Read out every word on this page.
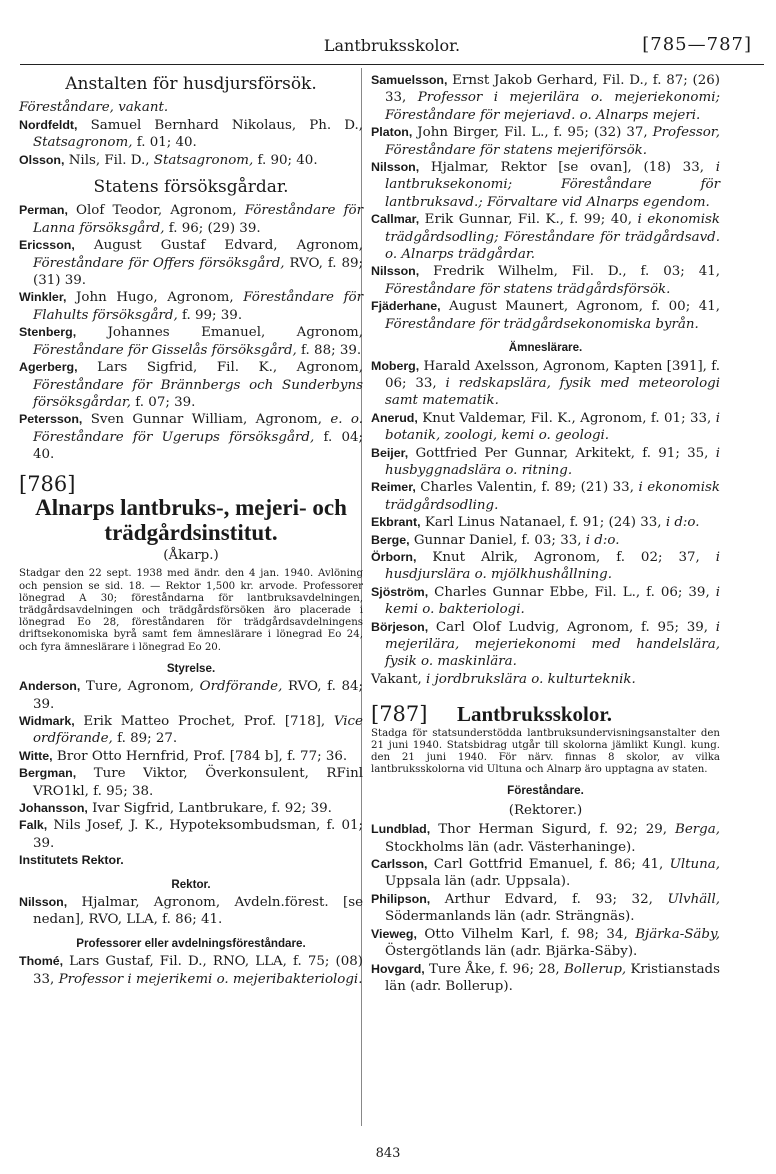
Lantbruksskolor.	[785—787]
Anstalten för husdjursförsök.

Föreståndare, vakant.

Nordfeldt, Samuel Bernhard Nikolaus, Ph. D., Statsagronom, f. 01; 40.

Olsson, Nils, Fil. D., Statsagronom, f. 90; 40.

Statens försöksgårdar.

Perman, Olof Teodor, Agronom, Föreståndare för Lanna försöksgård, f. 96; (29) 39.

Ericsson, August Gustaf Edvard, Agronom, Föreståndare för Offers försöksgård, RVO, f. 89; (31) 39.

Winkler, John Hugo, Agronom, Föreståndare för Flahults försöksgård, f. 99; 39.

Stenberg, Johannes Emanuel, Agronom, Föreståndare för Gisselås försöksgård, f. 88; 39.

Agerberg, Lars Sigfrid, Fil. K., Agronom, Föreståndare för Brännbergs och Sunderbyns försöksgårdar, f. 07; 39.

Petersson, Sven Gunnar William, Agronom, e. o. Föreståndare för Ugerups försöksgård, f. 04; 40.

[786]
Alnarps lantbruks-, mejeri- och
trädgårdsinstitut.
(Åkarp.)

Stadgar den 22 sept. 1938 med ändr. den 4 jan. 1940. Avlöning och pension se sid. 18. — Rektor 1,500 kr. arvode. Professorer lönegrad A 30; föreståndarna för lantbruksavdelningen, trädgårdsavdelningen och trädgårdsförsöken äro placerade i lönegrad Eo 28, föreståndaren för trädgårdsavdelningens driftsekonomiska byrå samt fem ämneslärare i lönegrad Eo 24, och fyra ämneslärare i lönegrad Eo 20.

Styrelse.

Anderson, Ture, Agronom, Ordförande, RVO, f. 84; 39.

Widmark, Erik Matteo Prochet, Prof. [718], Vice ordförande, f. 89; 27.

Witte, Bror Otto Hernfrid, Prof. [784 b], f. 77; 36.

Bergman, Ture Viktor, Överkonsulent, RFinl VRO1kl, f. 95; 38.

Johansson, Ivar Sigfrid, Lantbrukare, f. 92; 39.

Falk, Nils Josef, J. K., Hypoteksombudsman, f. 01; 39.

Institutets Rektor.

Rektor.

Nilsson, Hjalmar, Agronom, Avdeln.förest. [se nedan], RVO, LLA, f. 86; 41.

Professorer eller avdelningsföreståndare.

Thomé, Lars Gustaf, Fil. D., RNO, LLA, f. 75; (08) 33, Professor i mejerikemi o. mejeribakteriologi.

Samuelsson, Ernst Jakob Gerhard, Fil. D., f. 87; (26) 33, Professor i mejerilära o. mejeriekonomi; Föreståndare för mejeriavd. o. Alnarps mejeri.

Platon, John Birger, Fil. L., f. 95; (32) 37, Professor, Föreståndare för statens mejeriförsök.

Nilsson, Hjalmar, Rektor [se ovan], (18) 33, i lantbruksekonomi; Föreståndare för lantbruksavd.; Förvaltare vid Alnarps egendom.

Callmar, Erik Gunnar, Fil. K., f. 99; 40, i ekonomisk trädgårdsodling; Föreståndare för trädgårdsavd. o. Alnarps trädgårdar.

Nilsson, Fredrik Wilhelm, Fil. D., f. 03; 41, Föreståndare för statens trädgårdsförsök.

Fjäderhane, August Maunert, Agronom, f. 00; 41, Föreståndare för trädgårdsekonomiska byrån.

Ämneslärare.

Moberg, Harald Axelsson, Agronom, Kapten [391], f. 06; 33, i redskapslära, fysik med meteorologi samt matematik.

Anerud, Knut Valdemar, Fil. K., Agronom, f. 01; 33, i botanik, zoologi, kemi o. geologi.

Beijer, Gottfried Per Gunnar, Arkitekt, f. 91; 35, i husbyggnadslära o. ritning.

Reimer, Charles Valentin, f. 89; (21) 33, i ekonomisk trädgårdsodling.

Ekbrant, Karl Linus Natanael, f. 91; (24) 33, i d:o.

Berge, Gunnar Daniel, f. 03; 33, i d:o.

Örborn, Knut Alrik, Agronom, f. 02; 37, i husdjurslära o. mjölkhushållning.

Sjöström, Charles Gunnar Ebbe, Fil. L., f. 06; 39, i kemi o. bakteriologi.

Börjeson, Carl Olof Ludvig, Agronom, f. 95; 39, i mejerilära, mejeriekonomi med handelslära, fysik o. maskinlära.

Vakant, i jordbrukslära o. kulturteknik.

[787]	Lantbruksskolor.

Stadga för statsunderstödda lantbruksundervisningsanstalter den 21 juni 1940. Statsbidrag utgår till skolorna jämlikt Kungl. kung. den 21 juni 1940. För närv. finnas 8 skolor, av vilka lantbruksskolorna vid Ultuna och Alnarp äro upptagna av staten.

Föreståndare.
(Rektorer.)

Lundblad, Thor Herman Sigurd, f. 92; 29, Berga, Stockholms län (adr. Västerhaninge).

Carlsson, Carl Gottfrid Emanuel, f. 86; 41, Ultuna, Uppsala län (adr. Uppsala).

Philipson, Arthur Edvard, f. 93; 32, Ulvhäll, Södermanlands län (adr. Strängnäs).

Vieweg, Otto Vilhelm Karl, f. 98; 34, Bjärka-Säby, Östergötlands län (adr. Bjärka-Säby).

Hovgard, Ture Åke, f. 96; 28, Bollerup, Kristianstads län (adr. Bollerup).

843
